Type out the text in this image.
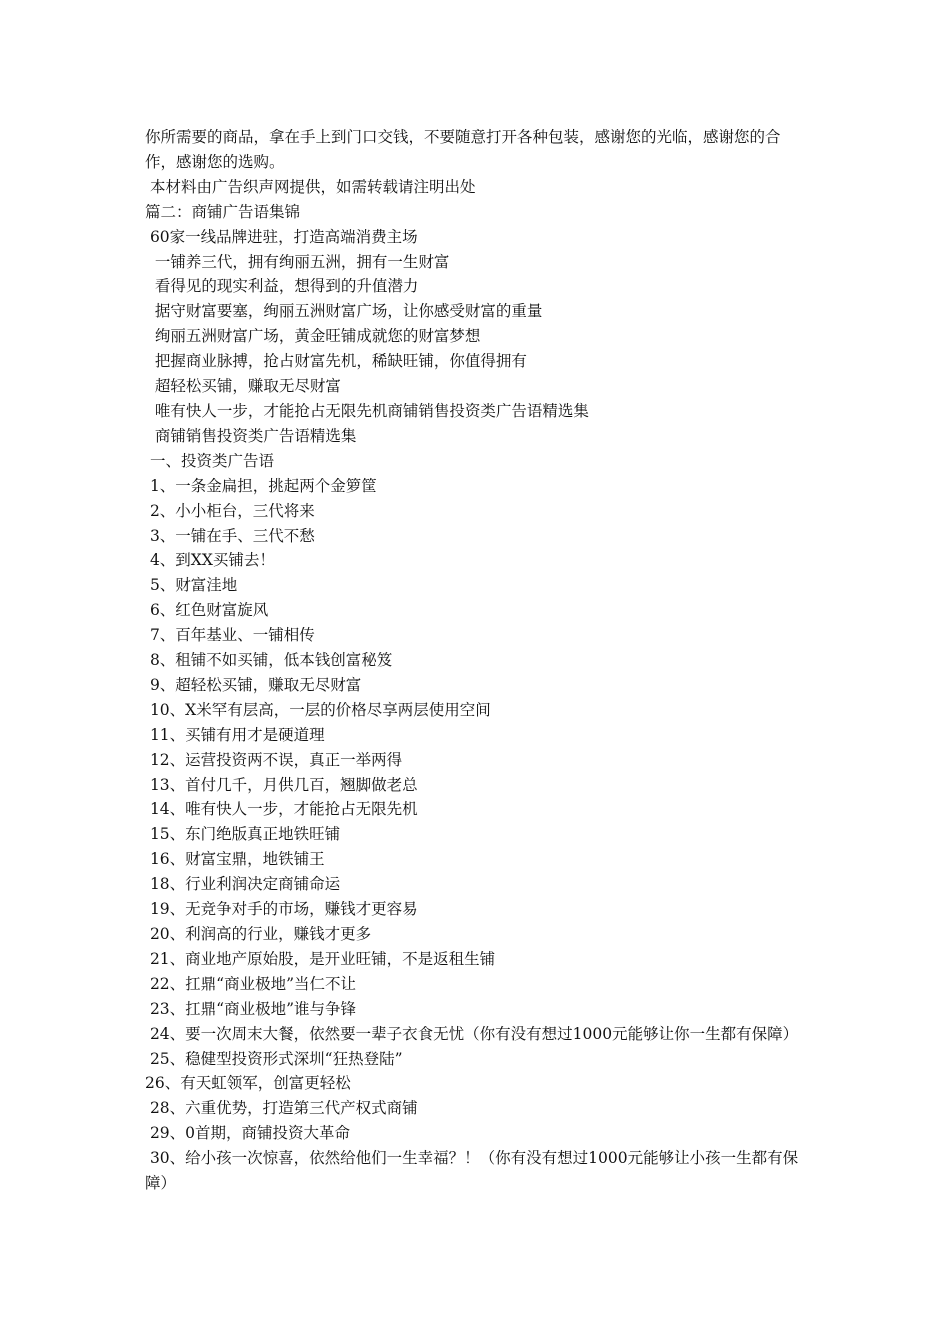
你所需要的商品，拿在手上到门口交钱，不要随意打开各种包装，感谢您的光临，感谢您的合作，感谢您的选购。

本材料由广告织声网提供，如需转载请注明出处

篇二：商铺广告语集锦

60家一线品牌进驻，打造高端消费主场

一铺养三代，拥有绚丽五洲，拥有一生财富

看得见的现实利益，想得到的升值潜力

据守财富要塞，绚丽五洲财富广场，让你感受财富的重量

绚丽五洲财富广场，黄金旺铺成就您的财富梦想

把握商业脉搏，抢占财富先机，稀缺旺铺，你值得拥有

超轻松买铺，赚取无尽财富

唯有快人一步，才能抢占无限先机商铺销售投资类广告语精选集

商铺销售投资类广告语精选集

一、投资类广告语

1、一条金扁担，挑起两个金箩筐

2、小小柜台，三代将来

3、一铺在手、三代不愁

4、到XX买铺去！

5、财富洼地

6、红色财富旋风

7、百年基业、一铺相传

8、租铺不如买铺，低本钱创富秘笈

9、超轻松买铺，赚取无尽财富

10、X米罕有层高，一层的价格尽享两层使用空间

11、买铺有用才是硬道理

12、运营投资两不误，真正一举两得

13、首付几千，月供几百，翘脚做老总

14、唯有快人一步，才能抢占无限先机

15、东门绝版真正地铁旺铺

16、财富宝鼎，地铁铺王

18、行业利润决定商铺命运

19、无竞争对手的市场，赚钱才更容易

20、利润高的行业，赚钱才更多

21、商业地产原始股，是开业旺铺，不是返租生铺

22、扛鼎“商业极地”当仁不让

23、扛鼎“商业极地”谁与争锋

24、要一次周末大餐，依然要一辈子衣食无忧（你有没有想过1000元能够让你一生都有保障）

25、稳健型投资形式深圳“狂热登陆”

26、有天虹领军，创富更轻松

28、六重优势，打造第三代产权式商铺

29、0首期，商铺投资大革命

30、给小孩一次惊喜，依然给他们一生幸福？！（你有没有想过1000元能够让小孩一生都有保障）
